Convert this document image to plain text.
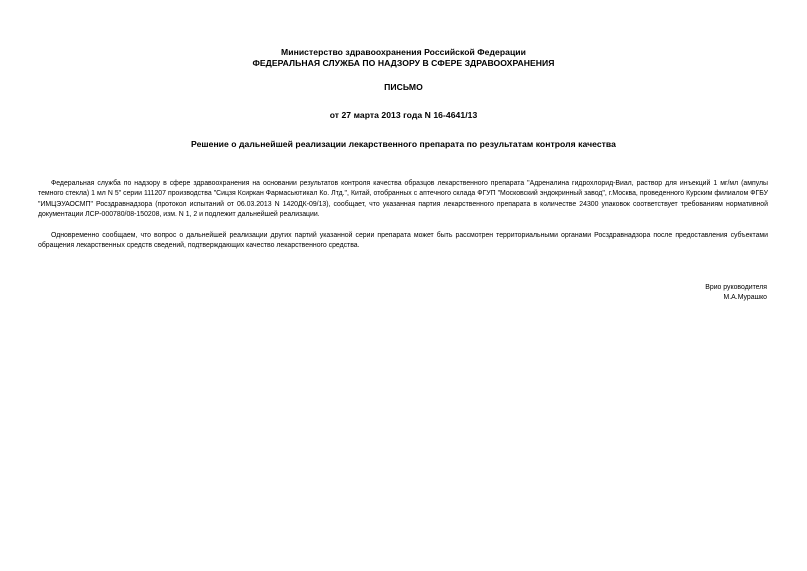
Министерство здравоохранения Российской Федерации
ФЕДЕРАЛЬНАЯ СЛУЖБА ПО НАДЗОРУ В СФЕРЕ ЗДРАВООХРАНЕНИЯ
ПИСЬМО
от 27 марта 2013 года N 16-4641/13
Решение о дальнейшей реализации лекарственного препарата по результатам контроля качества

Федеральная служба по надзору в сфере здравоохранения на основании результатов контроля качества образцов лекарственного препарата "Адреналина гидрохлорид-Виал, раствор для инъекций 1 мг/мл (ампулы темного стекла) 1 мл N 5" серии 111207 производства "Сицзя Ксиркан Фармасьютикал Ко. Лтд.", Китай, отобранных с аптечного склада ФГУП "Московский эндокринный завод", г.Москва, проведенного Курским филиалом ФГБУ "ИМЦЭУАОСМП" Росздравнадзора (протокол испытаний от 06.03.2013 N 1420ДК-09/13), сообщает, что указанная партия лекарственного препарата в количестве 24300 упаковок соответствует требованиям нормативной документации ЛСР-000780/08-150208, изм. N 1, 2 и подлежит дальнейшей реализации.

Одновременно сообщаем, что вопрос о дальнейшей реализации других партий указанной серии препарата может быть рассмотрен территориальными органами Росздравнадзора после предоставления субъектами обращения лекарственных средств сведений, подтверждающих качество лекарственного средства.

Врио руководителя
М.А.Мурашко
